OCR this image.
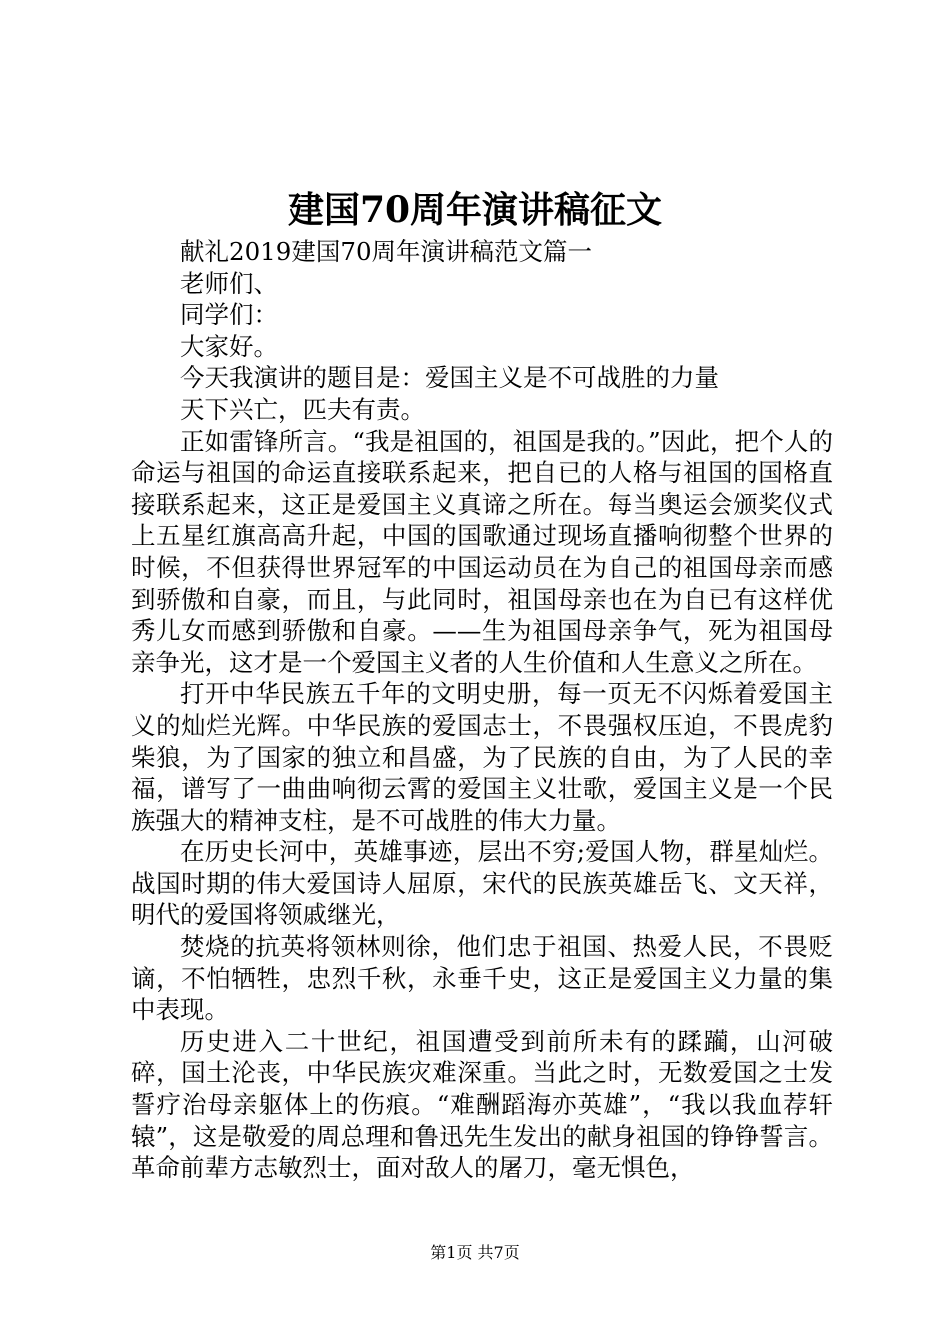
建国70周年演讲稿征文

献礼2019建国70周年演讲稿范文篇一

老师们、

同学们：

大家好。

今天我演讲的题目是：爱国主义是不可战胜的力量

天下兴亡，匹夫有责。

正如雷锋所言。“我是祖国的，祖国是我的。”因此，把个人的命运与祖国的命运直接联系起来，把自已的人格与祖国的国格直接联系起来，这正是爱国主义真谛之所在。每当奥运会颁奖仪式上五星红旗高高升起，中国的国歌通过现场直播响彻整个世界的时候，不但获得世界冠军的中国运动员在为自己的祖国母亲而感到骄傲和自豪，而且，与此同时，祖国母亲也在为自已有这样优秀儿女而感到骄傲和自豪。——生为祖国母亲争气，死为祖国母亲争光，这才是一个爱国主义者的人生价值和人生意义之所在。

打开中华民族五千年的文明史册，每一页无不闪烁着爱国主义的灿烂光辉。中华民族的爱国志士，不畏强权压迫，不畏虎豹柴狼，为了国家的独立和昌盛，为了民族的自由，为了人民的幸福，谱写了一曲曲响彻云霄的爱国主义壮歌，爱国主义是一个民族强大的精神支柱，是不可战胜的伟大力量。

在历史长河中，英雄事迹，层出不穷;爱国人物，群星灿烂。战国时期的伟大爱国诗人屈原，宋代的民族英雄岳飞、文天祥，明代的爱国将领戚继光，

焚烧的抗英将领林则徐，他们忠于祖国、热爱人民，不畏贬谪，不怕牺牲，忠烈千秋，永垂千史，这正是爱国主义力量的集中表现。

历史进入二十世纪，祖国遭受到前所未有的蹂躏，山河破碎，国土沦丧，中华民族灾难深重。当此之时，无数爱国之士发誓疗治母亲躯体上的伤痕。“难酬蹈海亦英雄”，“我以我血荐轩辕”，这是敬爱的周总理和鲁迅先生发出的献身祖国的铮铮誓言。革命前辈方志敏烈士，面对敌人的屠刀，毫无惧色，

第1页 共7页
